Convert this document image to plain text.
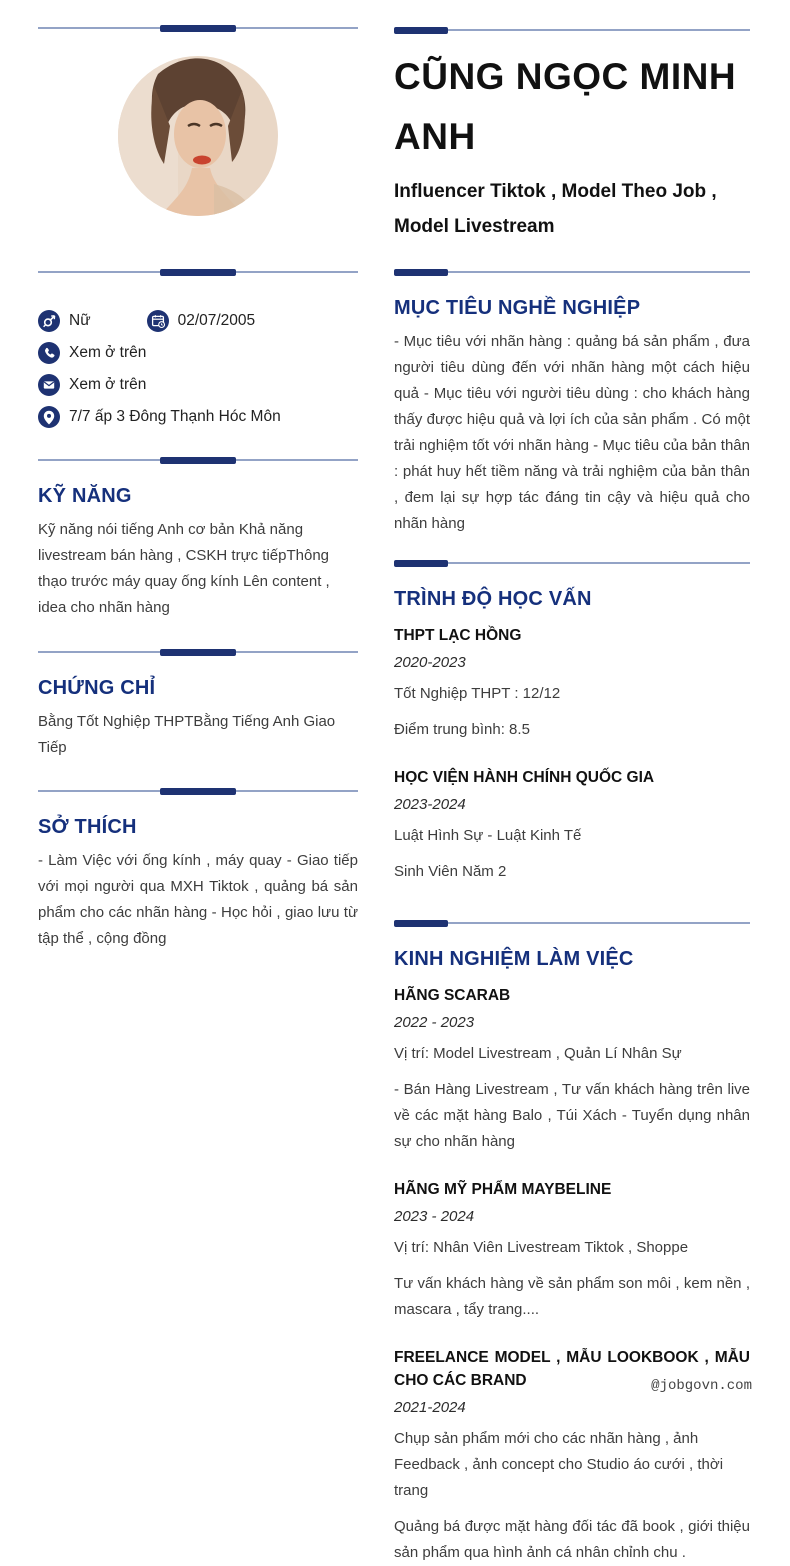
Nữ	02/07/2005
Xem ở trên
Xem ở trên
7/7 ấp 3 Đông Thạnh Hóc Môn
KỸ NĂNG

Kỹ năng nói tiếng Anh cơ bản Khả năng livestream bán hàng , CSKH trực tiếpThông thạo trước máy quay ống kính Lên content , idea cho nhãn hàng

CHỨNG CHỈ

Bằng Tốt Nghiệp THPTBằng Tiếng Anh Giao Tiếp

SỞ THÍCH

- Làm Việc với ống kính , máy quay - Giao tiếp với mọi người qua MXH Tiktok , quảng bá sản phẩm cho các nhãn hàng - Học hỏi , giao lưu từ tập thể , cộng đồng

CŨNG NGỌC MINH ANH
Influencer Tiktok , Model Theo Job , Model Livestream
MỤC TIÊU NGHỀ NGHIỆP

- Mục tiêu với nhãn hàng : quảng bá sản phẩm , đưa người tiêu dùng đến với nhãn hàng một cách hiệu quả - Mục tiêu với người tiêu dùng : cho khách hàng thấy được hiệu quả và lợi ích của sản phẩm . Có một trải nghiệm tốt với nhãn hàng - Mục tiêu của bản thân : phát huy hết tiềm năng và trải nghiệm của bản thân , đem lại sự hợp tác đáng tin cậy và hiệu quả cho nhãn hàng

TRÌNH ĐỘ HỌC VẤN
THPT LẠC HỒNG
2020-2023

Tốt Nghiệp THPT : 12/12

Điểm trung bình: 8.5

HỌC VIỆN HÀNH CHÍNH QUỐC GIA
2023-2024

Luật Hình Sự - Luật Kinh Tế

Sinh Viên Năm 2

KINH NGHIỆM LÀM VIỆC
HÃNG SCARAB
2022 - 2023

Vị trí: Model Livestream , Quản Lí Nhân Sự

- Bán Hàng Livestream , Tư vấn khách hàng trên live về các mặt hàng Balo , Túi Xách - Tuyển dụng nhân sự cho nhãn hàng

HÃNG MỸ PHẨM MAYBELINE
2023 - 2024

Vị trí: Nhân Viên Livestream Tiktok , Shoppe

Tư vấn khách hàng về sản phẩm son môi , kem nền , mascara , tẩy trang....

FREELANCE MODEL , MẪU LOOKBOOK , MẪU CHO CÁC BRAND
2021-2024

Chụp sản phẩm mới cho các nhãn hàng , ảnh Feedback , ảnh concept cho Studio áo cưới , thời trang

Quảng bá được mặt hàng đối tác đã book , giới thiệu sản phẩm qua hình ảnh cá nhân chỉnh chu .

@jobgovn.com
